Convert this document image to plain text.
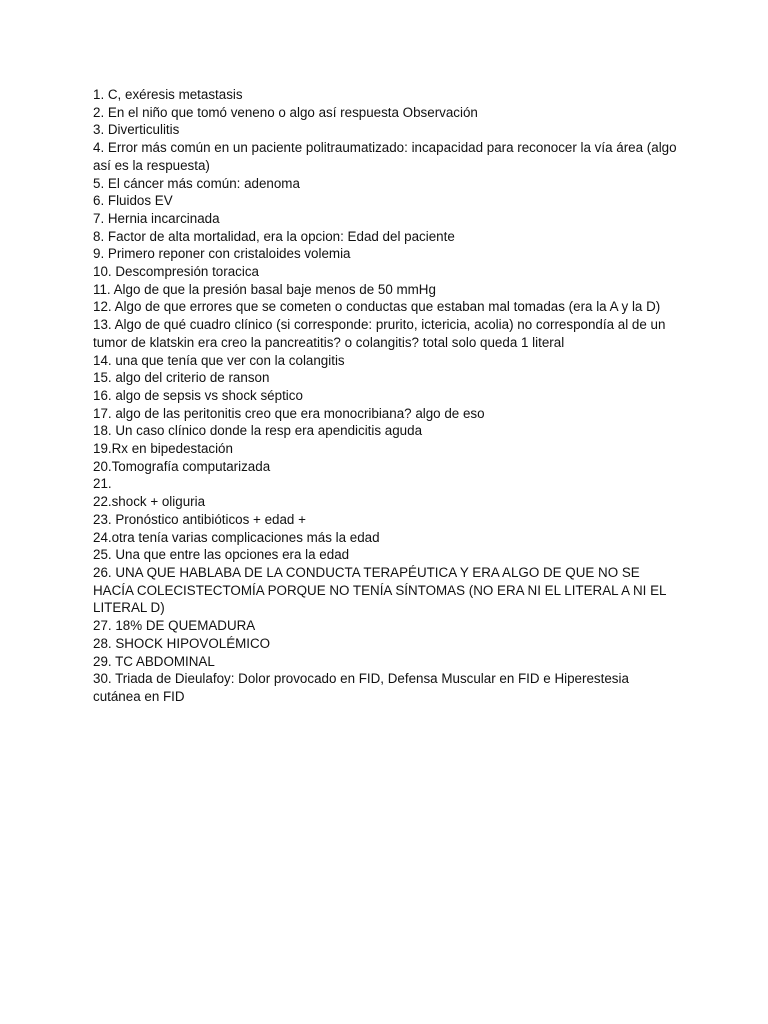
1. C, exéresis metastasis
2. En el niño que tomó veneno o algo así respuesta Observación
3. Diverticulitis
4. Error más común en un paciente politraumatizado: incapacidad para reconocer la vía área (algo así es la respuesta)
5. El cáncer más común: adenoma
6. Fluidos EV
7. Hernia incarcinada
8. Factor de alta mortalidad, era la opcion: Edad del paciente
9. Primero reponer con cristaloides volemia
10. Descompresión toracica
11. Algo de que la presión basal baje menos de 50 mmHg
12. Algo de que errores que se cometen o conductas que estaban mal tomadas (era la A y la D)
13. Algo de qué cuadro clínico (si corresponde: prurito, ictericia, acolia) no correspondía al de un tumor de klatskin era creo la pancreatitis? o colangitis? total solo queda 1 literal
14. una que tenía que ver con la colangitis
15. algo del criterio de ranson
16. algo de sepsis vs shock séptico
17. algo de las peritonitis creo que era monocribiana? algo de eso
18. Un caso clínico donde la resp era apendicitis aguda
19.Rx en bipedestación
20.Tomografía computarizada
21.
22.shock + oliguria
23. Pronóstico antibióticos + edad +
24.otra tenía varias complicaciones más la edad
25. Una que entre las opciones era la edad
26. UNA QUE HABLABA DE LA CONDUCTA TERAPÉUTICA Y ERA ALGO DE QUE NO SE HACÍA COLECISTECTOMÍA PORQUE NO TENÍA SÍNTOMAS (NO ERA NI EL LITERAL A NI EL LITERAL D)
27. 18% DE QUEMADURA
28. SHOCK HIPOVOLÉMICO
29. TC ABDOMINAL
30. Triada de Dieulafoy: Dolor provocado en FID, Defensa Muscular en FID e Hiperestesia cutánea en FID
